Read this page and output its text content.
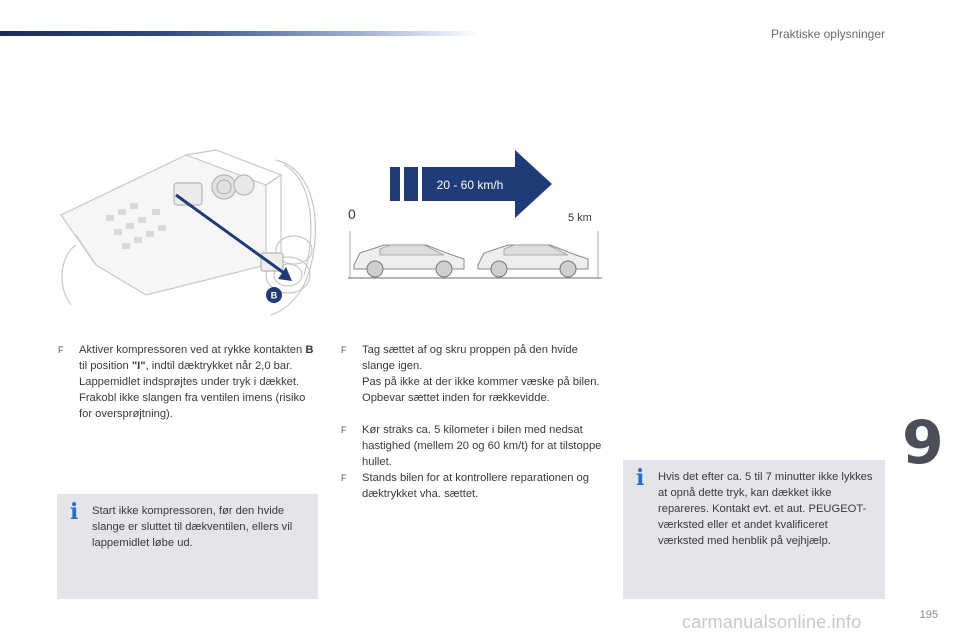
Praktiske oplysninger
B
20 - 60 km/h
0	5 km
F	Aktiver kompressoren ved at rykke kontakten B til position "I", indtil dæktrykket når 2,0 bar.

Lappemidlet indsprøjtes under tryk i dækket. Frakobl ikke slangen fra ventilen imens (risiko for oversprøjtning).

F	Tag sættet af og skru proppen på den hvide slange igen.

Pas på ikke at der ikke kommer væske på bilen. Opbevar sættet inden for rækkevidde.

F	Kør straks ca. 5 kilometer i bilen med nedsat hastighed (mellem 20 og 60 km/t) for at tilstoppe hullet.

F	Stands bilen for at kontrollere reparationen og dæktrykket vha. sættet.

i Start ikke kompressoren, før den hvide slange er sluttet til dækventilen, ellers vil lappemidlet løbe ud.
i Hvis det efter ca. 5 til 7 minutter ikke lykkes at opnå dette tryk, kan dækket ikke repareres. Kontakt evt. et aut. PEUGEOT-værksted eller et andet kvalificeret værksted med henblik på vejhjælp.
9
carmanualsonline.info	195
